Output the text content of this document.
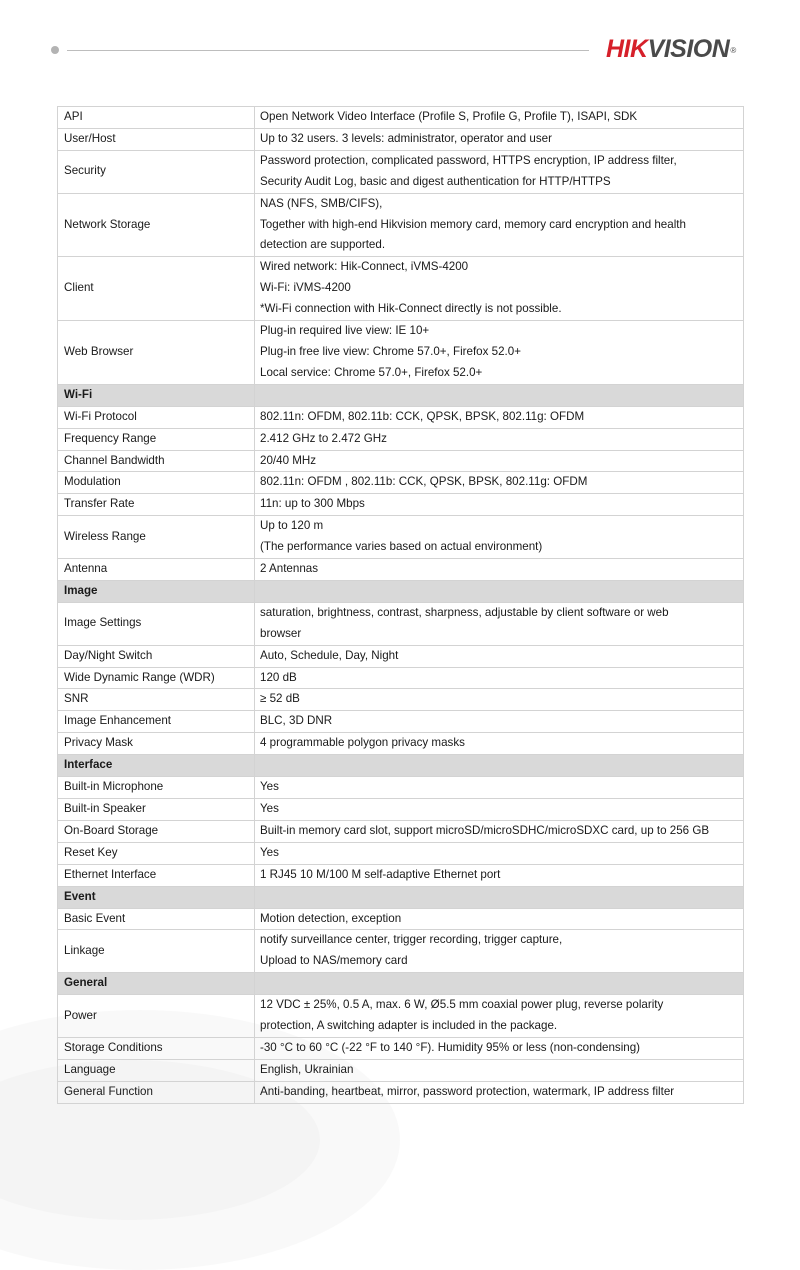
HIKVISION®
API	Open Network Video Interface (Profile S, Profile G, Profile T), ISAPI, SDK

User/Host	Up to 32 users. 3 levels: administrator, operator and user

Security	Password protection, complicated password, HTTPS encryption, IP address filter,
Security Audit Log, basic and digest authentication for HTTP/HTTPS

Network Storage	NAS (NFS, SMB/CIFS),
Together with high-end Hikvision memory card, memory card encryption and health
detection are supported.

Client	Wired network: Hik-Connect, iVMS-4200
Wi-Fi: iVMS-4200
*Wi-Fi connection with Hik-Connect directly is not possible.

Web Browser	Plug-in required live view: IE 10+
Plug-in free live view: Chrome 57.0+, Firefox 52.0+
Local service: Chrome 57.0+, Firefox 52.0+

Wi-Fi	
Wi-Fi Protocol	802.11n: OFDM, 802.11b: CCK, QPSK, BPSK, 802.11g: OFDM

Frequency Range	2.412 GHz to 2.472 GHz

Channel Bandwidth	20/40 MHz

Modulation	802.11n: OFDM , 802.11b: CCK, QPSK, BPSK, 802.11g: OFDM

Transfer Rate	11n: up to 300 Mbps

Wireless Range	Up to 120 m
(The performance varies based on actual environment)

Antenna	2 Antennas

Image	
Image Settings	saturation, brightness, contrast, sharpness, adjustable by client software or web
browser

Day/Night Switch	Auto, Schedule, Day, Night

Wide Dynamic Range (WDR)	120 dB

SNR	≥ 52 dB

Image Enhancement	BLC, 3D DNR

Privacy Mask	4 programmable polygon privacy masks

Interface	
Built-in Microphone	Yes

Built-in Speaker	Yes

On-Board Storage	Built-in memory card slot, support microSD/microSDHC/microSDXC card, up to 256 GB

Reset Key	Yes

Ethernet Interface	1 RJ45 10 M/100 M self-adaptive Ethernet port

Event	
Basic Event	Motion detection, exception

Linkage	notify surveillance center, trigger recording, trigger capture,
Upload to NAS/memory card

General	
Power	12 VDC ± 25%, 0.5 A, max. 6 W, Ø5.5 mm coaxial power plug, reverse polarity
protection, A switching adapter is included in the package.

Storage Conditions	-30 °C to 60 °C (-22 °F to 140 °F). Humidity 95% or less (non-condensing)

Language	English, Ukrainian

General Function	Anti-banding, heartbeat, mirror, password protection, watermark, IP address filter
